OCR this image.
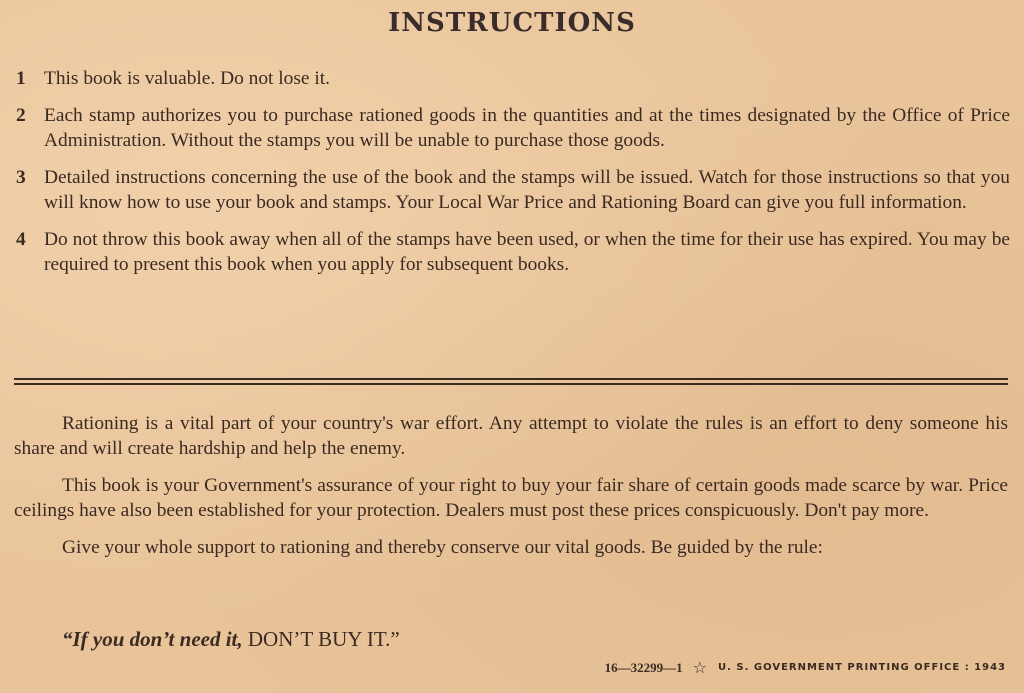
INSTRUCTIONS
1 This book is valuable. Do not lose it.
2 Each stamp authorizes you to purchase rationed goods in the quantities and at the times designated by the Office of Price Administration. Without the stamps you will be unable to purchase those goods.
3 Detailed instructions concerning the use of the book and the stamps will be issued. Watch for those instructions so that you will know how to use your book and stamps. Your Local War Price and Rationing Board can give you full information.
4 Do not throw this book away when all of the stamps have been used, or when the time for their use has expired. You may be required to present this book when you apply for subsequent books.

Rationing is a vital part of your country's war effort. Any attempt to violate the rules is an effort to deny someone his share and will create hardship and help the enemy.

This book is your Government's assurance of your right to buy your fair share of certain goods made scarce by war. Price ceilings have also been established for your protection. Dealers must post these prices conspicuously. Don't pay more.

Give your whole support to rationing and thereby conserve our vital goods. Be guided by the rule:

“If you don’t need it, DON’T BUY IT.”
16—32299—1 ☆ U. S. GOVERNMENT PRINTING OFFICE : 1943
